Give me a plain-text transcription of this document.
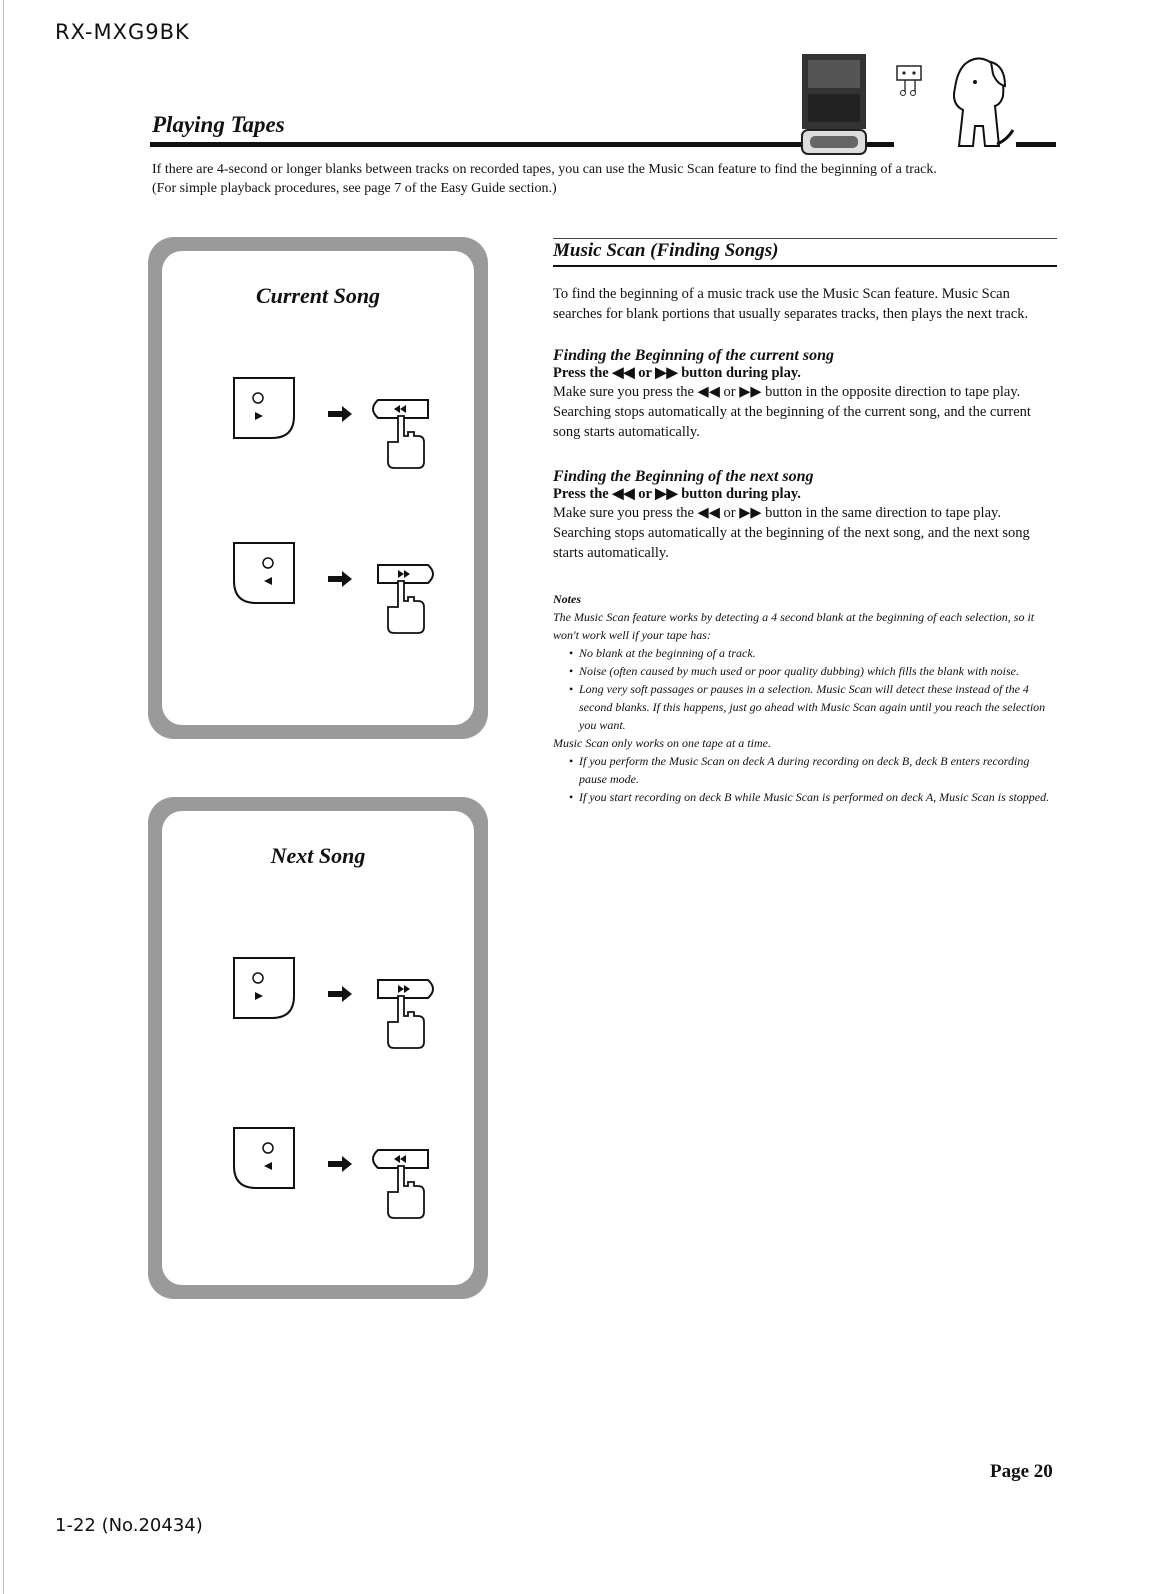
RX-MXG9BK
Playing Tapes
If there are 4-second or longer blanks between tracks on recorded tapes, you can use the Music Scan feature to find the beginning of a track.
(For simple playback procedures, see page 7 of the Easy Guide section.)
Current Song
Next Song
Music Scan (Finding Songs)
To find the beginning of a music track use the Music Scan feature. Music Scan searches for blank portions that usually separates tracks, then plays the next track.
Finding the Beginning of the current song
Press the ◀◀ or ▶▶ button during play.
Make sure you press the ◀◀ or ▶▶ button in the opposite direction to tape play. Searching stops automatically at the beginning of the current song, and the current song starts automatically.
Finding the Beginning of the next song
Press the ◀◀ or ▶▶ button during play.
Make sure you press the ◀◀ or ▶▶ button in the same direction to tape play. Searching stops automatically at the beginning of the next song, and the next song starts automatically.
Notes
The Music Scan feature works by detecting a 4 second blank at the beginning of each selection, so it won't work well if your tape has:
• No blank at the beginning of a track.
• Noise (often caused by much used or poor quality dubbing) which fills the blank with noise.
• Long very soft passages or pauses in a selection. Music Scan will detect these instead of the 4 second blanks. If this happens, just go ahead with Music Scan again until you reach the selection you want.
Music Scan only works on one tape at a time.
• If you perform the Music Scan on deck A during recording on deck B, deck B enters recording pause mode.
• If you start recording on deck B while Music Scan is performed on deck A, Music Scan is stopped.
Page 20
1-22 (No.20434)
